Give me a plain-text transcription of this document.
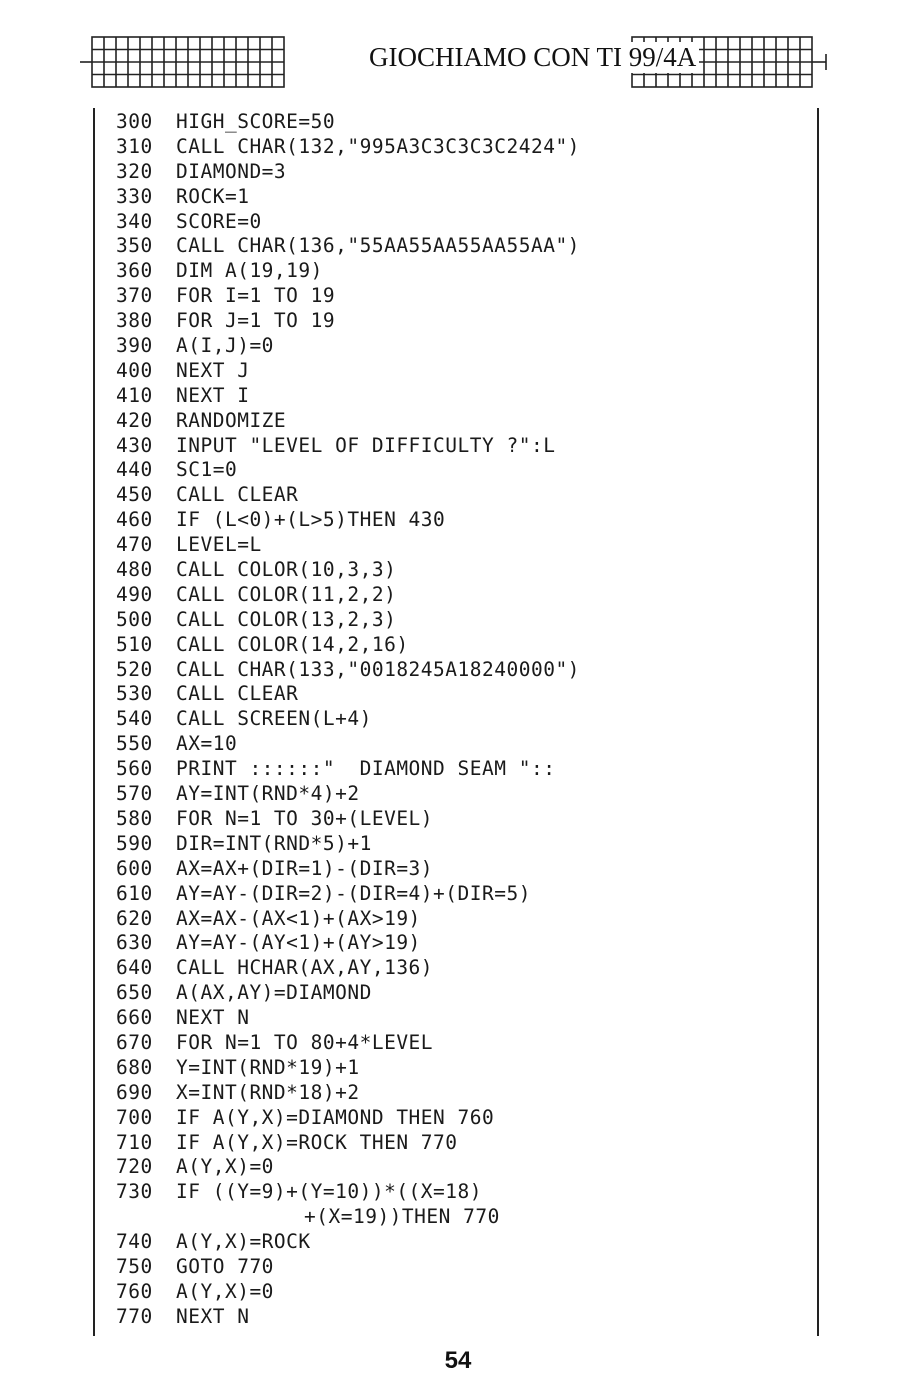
GIOCHIAMO CON TI 99/4A
300 HIGH_SCORE=50
310 CALL CHAR(132,"995A3C3C3C3C2424")
320 DIAMOND=3
330 ROCK=1
340 SCORE=0
350 CALL CHAR(136,"55AA55AA55AA55AA")
360 DIM A(19,19)
370 FOR I=1 TO 19
380 FOR J=1 TO 19
390 A(I,J)=0
400 NEXT J
410 NEXT I
420 RANDOMIZE
430 INPUT "LEVEL OF DIFFICULTY ?":L
440 SC1=0
450 CALL CLEAR
460 IF (L<0)+(L>5)THEN 430
470 LEVEL=L
480 CALL COLOR(10,3,3)
490 CALL COLOR(11,2,2)
500 CALL COLOR(13,2,3)
510 CALL COLOR(14,2,16)
520 CALL CHAR(133,"0018245A18240000")
530 CALL CLEAR
540 CALL SCREEN(L+4)
550 AX=10
560 PRINT ::::::"  DIAMOND SEAM "::
570 AY=INT(RND*4)+2
580 FOR N=1 TO 30+(LEVEL)
590 DIR=INT(RND*5)+1
600 AX=AX+(DIR=1)-(DIR=3)
610 AY=AY-(DIR=2)-(DIR=4)+(DIR=5)
620 AX=AX-(AX<1)+(AX>19)
630 AY=AY-(AY<1)+(AY>19)
640 CALL HCHAR(AX,AY,136)
650 A(AX,AY)=DIAMOND
660 NEXT N
670 FOR N=1 TO 80+4*LEVEL
680 Y=INT(RND*19)+1
690 X=INT(RND*18)+2
700 IF A(Y,X)=DIAMOND THEN 760
710 IF A(Y,X)=ROCK THEN 770
720 A(Y,X)=0
730 IF ((Y=9)+(Y=10))*((X=18)
+(X=19))THEN 770
740 A(Y,X)=ROCK
750 GOTO 770
760 A(Y,X)=0
770 NEXT N
54
